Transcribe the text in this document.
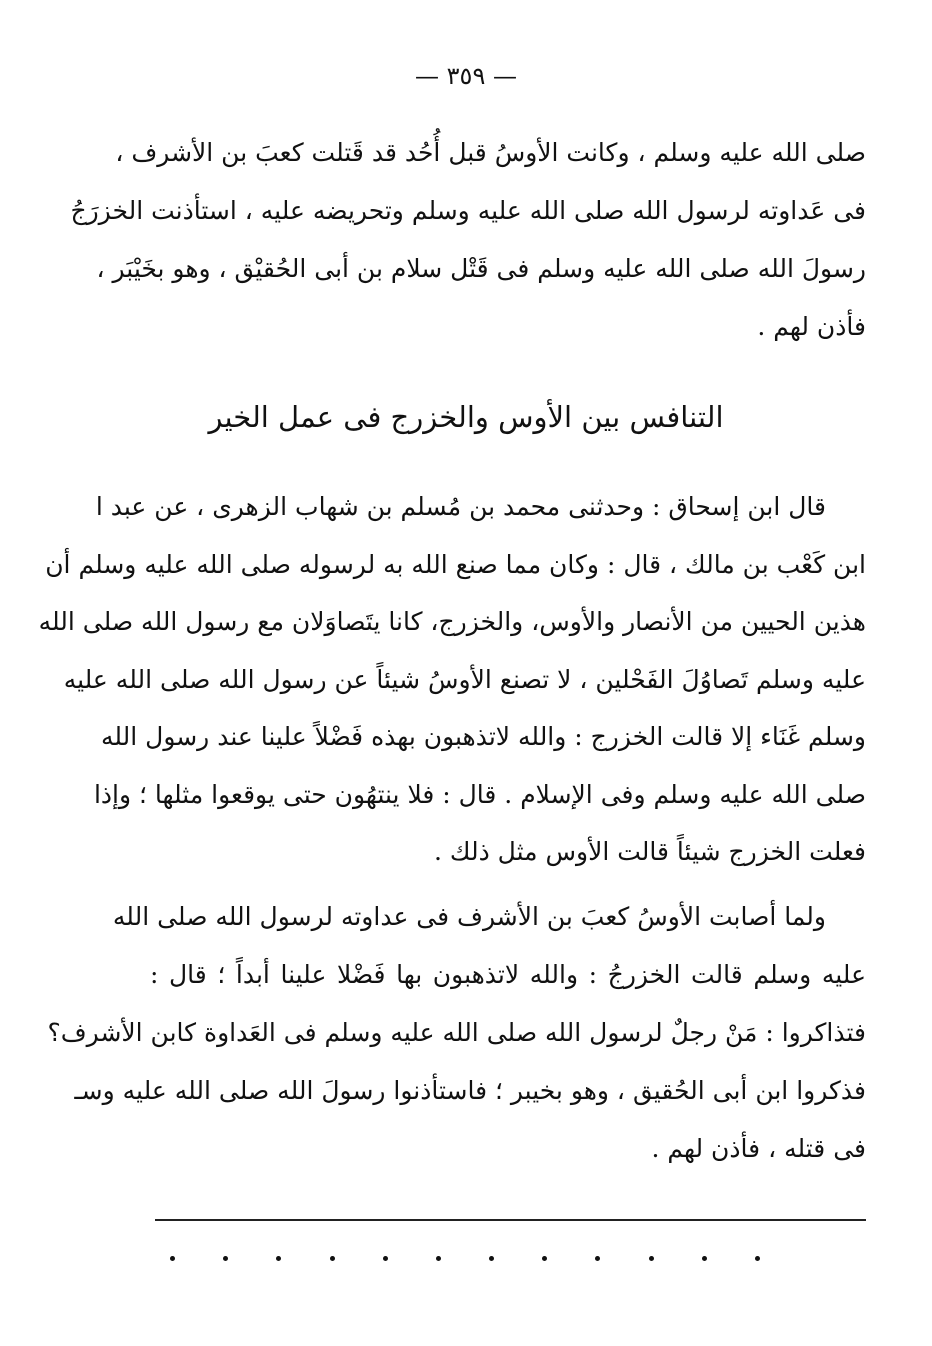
— ٣٥٩ —
صلى الله عليه وسلم ، وكانت الأوسُ قبل أُحُد قد قَتلت كعبَ بن الأشرف ،
فى عَداوته لرسول الله صلى الله عليه وسلم وتحريضه عليه ، استأذنت الخزرَجُ
رسولَ الله صلى الله عليه وسلم فى قَتْل سلام بن أبى الحُقيْق ، وهو بخَيْبَر ،
فأذن لهم .
التنافس بين الأوس والخزرج فى عمل الخير
قال ابن إسحاق : وحدثنى محمد بن مُسلم بن شهاب الزهرى ، عن عبد ا
ابن كَعْب بن مالك ، قال : وكان مما صنع الله به لرسوله صلى الله عليه وسلم أن
هذين الحيين من الأنصار والأوس، والخزرج، كانا يتَصاوَلان مع رسول الله صلى الله
عليه وسلم تَصاوُلَ الفَحْلين ، لا تصنع الأوسُ شيئاً عن رسول الله صلى الله عليه
وسلم غَنَاء إلا قالت الخزرج : والله لاتذهبون بهذه فَضْلاً علينا عند رسول الله
صلى الله عليه وسلم وفى الإسلام . قال : فلا ينتهُون حتى يوقعوا مثلها ؛ وإذا
فعلت الخزرج شيئاً قالت الأوس مثل ذلك .
ولما أصابت الأوسُ كعبَ بن الأشرف فى عداوته لرسول الله صلى الله
عليه وسلم قالت الخزرجُ : والله لاتذهبون بها فَضْلا علينا أبداً ؛ قال :
فتذاكروا : مَنْ رجلٌ لرسول الله صلى الله عليه وسلم فى العَداوة كابن الأشرف؟
فذكروا ابن أبى الحُقيق ، وهو بخيبر ؛ فاستأذنوا رسولَ الله صلى الله عليه وسـ
فى قتله ، فأذن لهم .
